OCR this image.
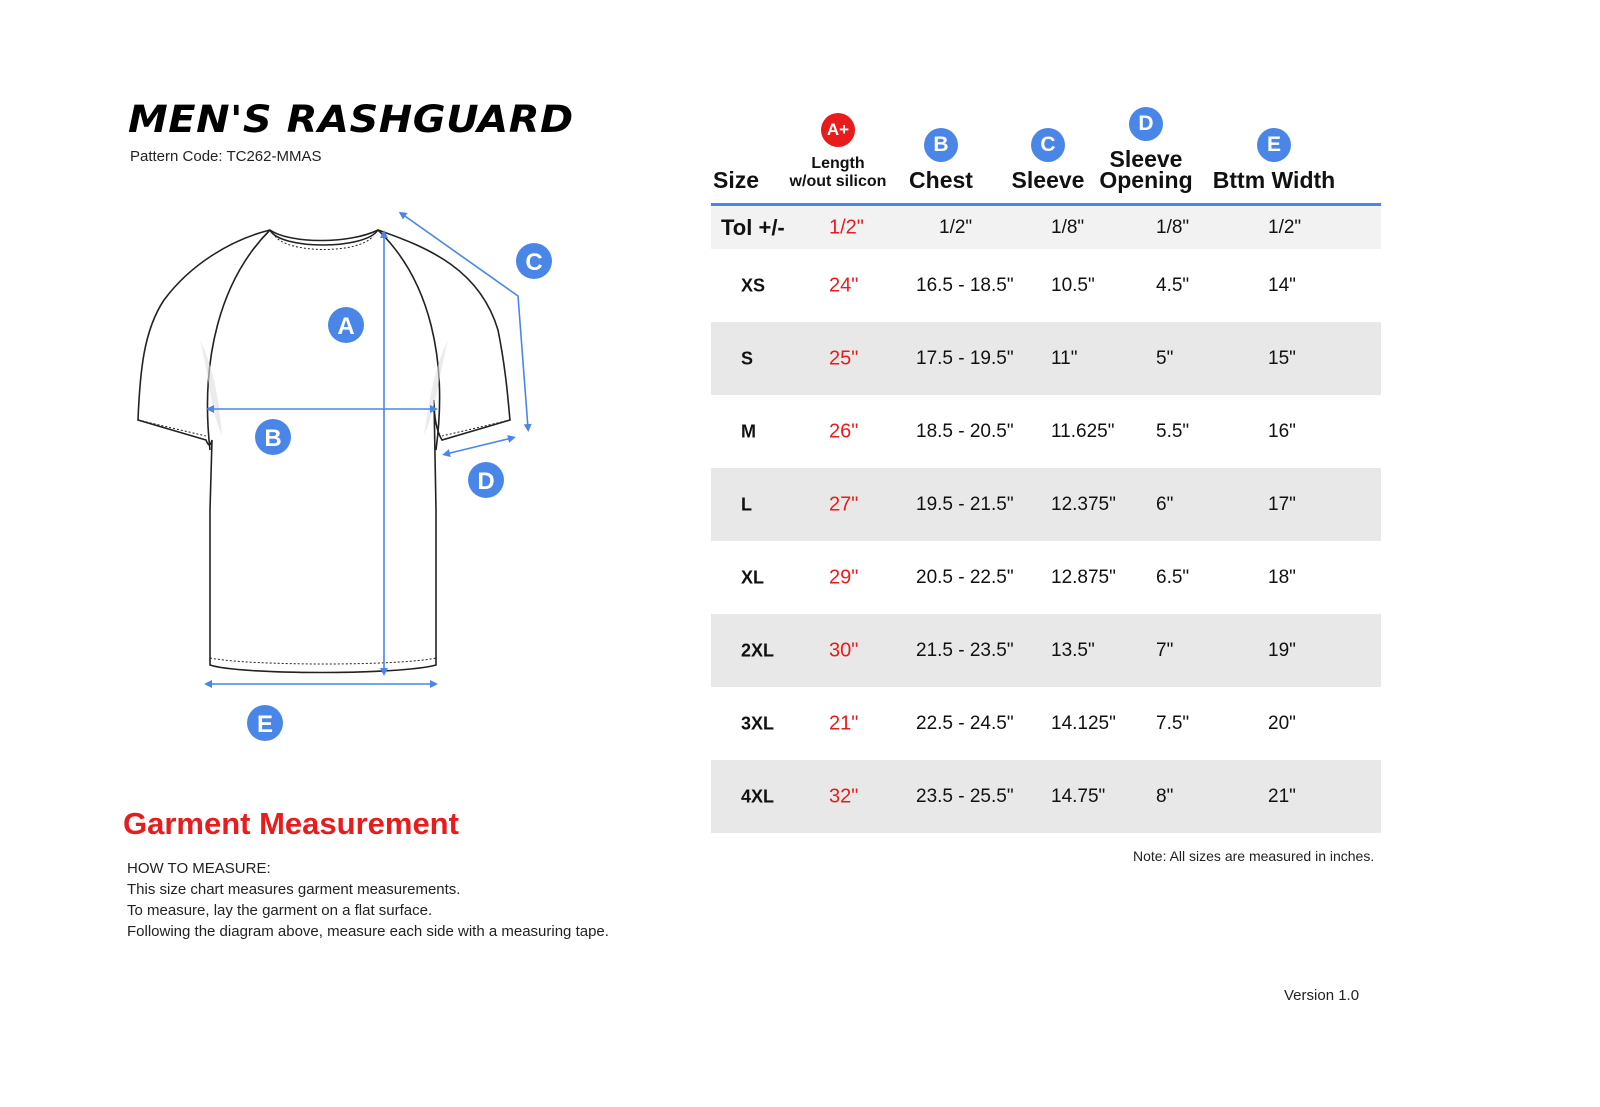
MEN'S RASHGUARD
Pattern Code: TC262-MMAS
A
B
C
D
E
Garment Measurement
HOW TO MEASURE:
This size chart measures garment measurements.
To measure, lay the garment on a flat surface.
Following the diagram above, measure each side with a measuring tape.
Size
A+
Length
w/out silicon
B
Chest
C
Sleeve
D
Sleeve
Opening
E
Bttm Width
Tol +/- 1/2"	1/2"	1/8"	1/8"	1/2"
XS	24"	16.5 - 18.5" 10.5"	4.5"	14"
S	25"	17.5 - 19.5" 11"	5"	15"
M	26"	18.5 - 20.5" 11.625" 5.5"	16"
L	27"	19.5 - 21.5" 12.375" 6"	17"
XL	29"	20.5 - 22.5" 12.875" 6.5"	18"
2XL	30"	21.5 - 23.5" 13.5"	7"	19"
3XL	21"	22.5 - 24.5" 14.125" 7.5"	20"
4XL	32"	23.5 - 25.5" 14.75"	8"	21"
Note: All sizes are measured in inches.
Version 1.0
